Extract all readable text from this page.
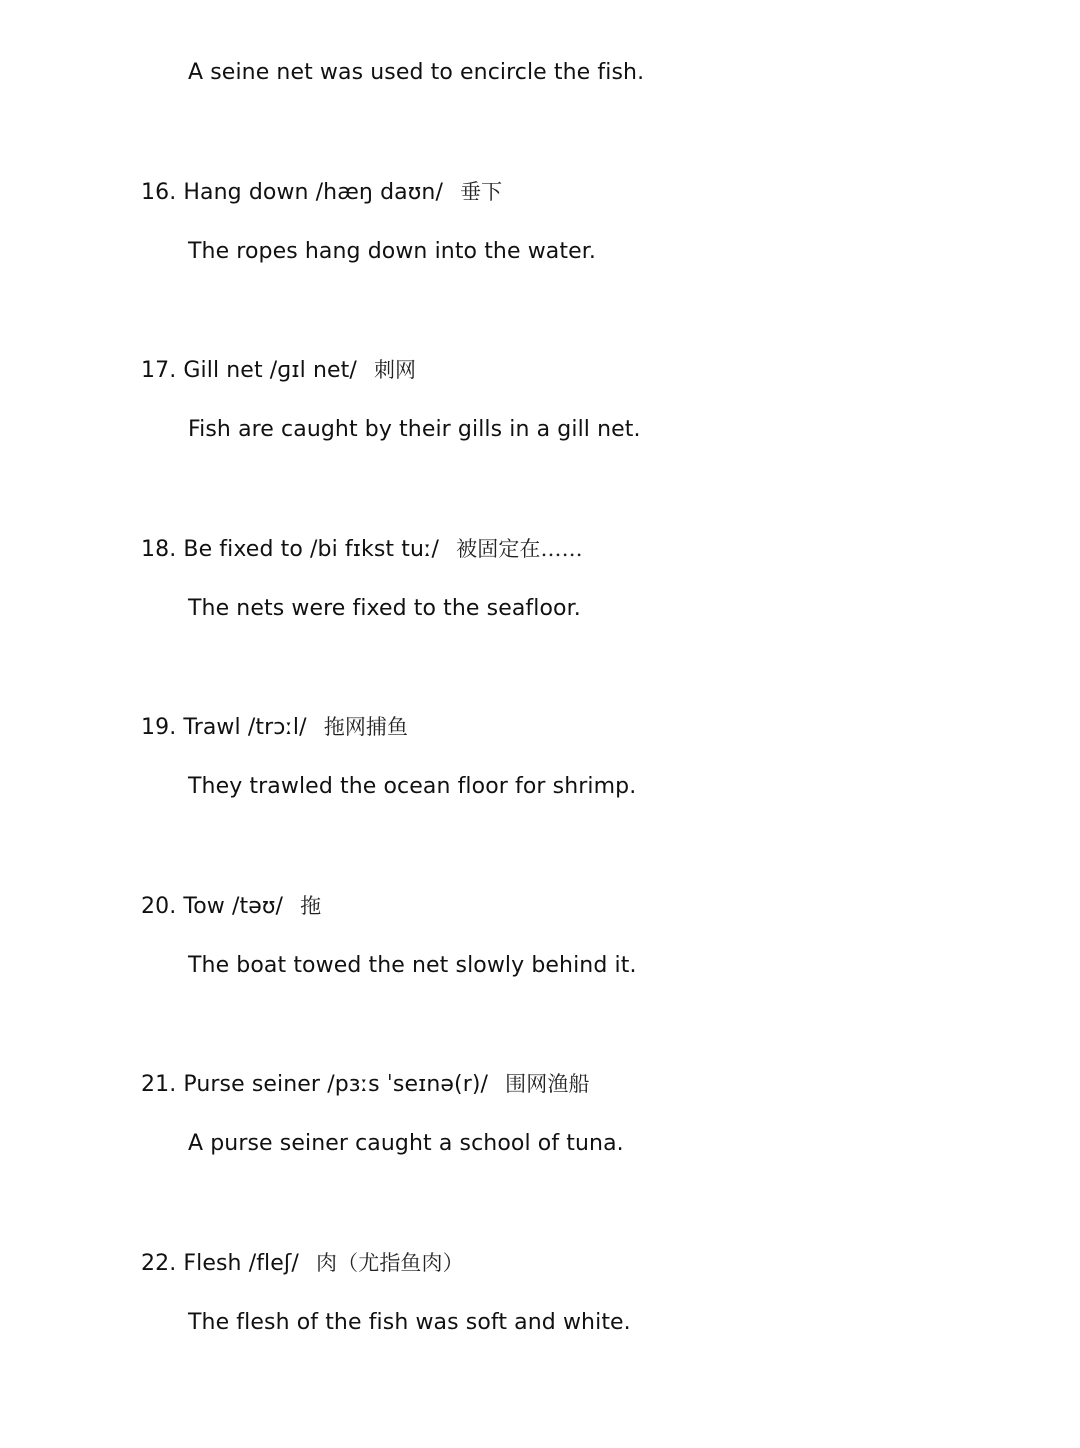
A seine net was used to encircle the fish.
16. Hang down /hæŋ daʊn/ 垂下
The ropes hang down into the water.
17. Gill net /ɡɪl net/ 刺网
Fish are caught by their gills in a gill net.
18. Be fixed to /bi fɪkst tuː/ 被固定在……
The nets were fixed to the seafloor.
19. Trawl /trɔːl/ 拖网捕鱼
They trawled the ocean floor for shrimp.
20. Tow /təʊ/ 拖
The boat towed the net slowly behind it.
21. Purse seiner /pɜːs ˈseɪnə(r)/ 围网渔船
A purse seiner caught a school of tuna.
22. Flesh /fleʃ/ 肉（尤指鱼肉）
The flesh of the fish was soft and white.
